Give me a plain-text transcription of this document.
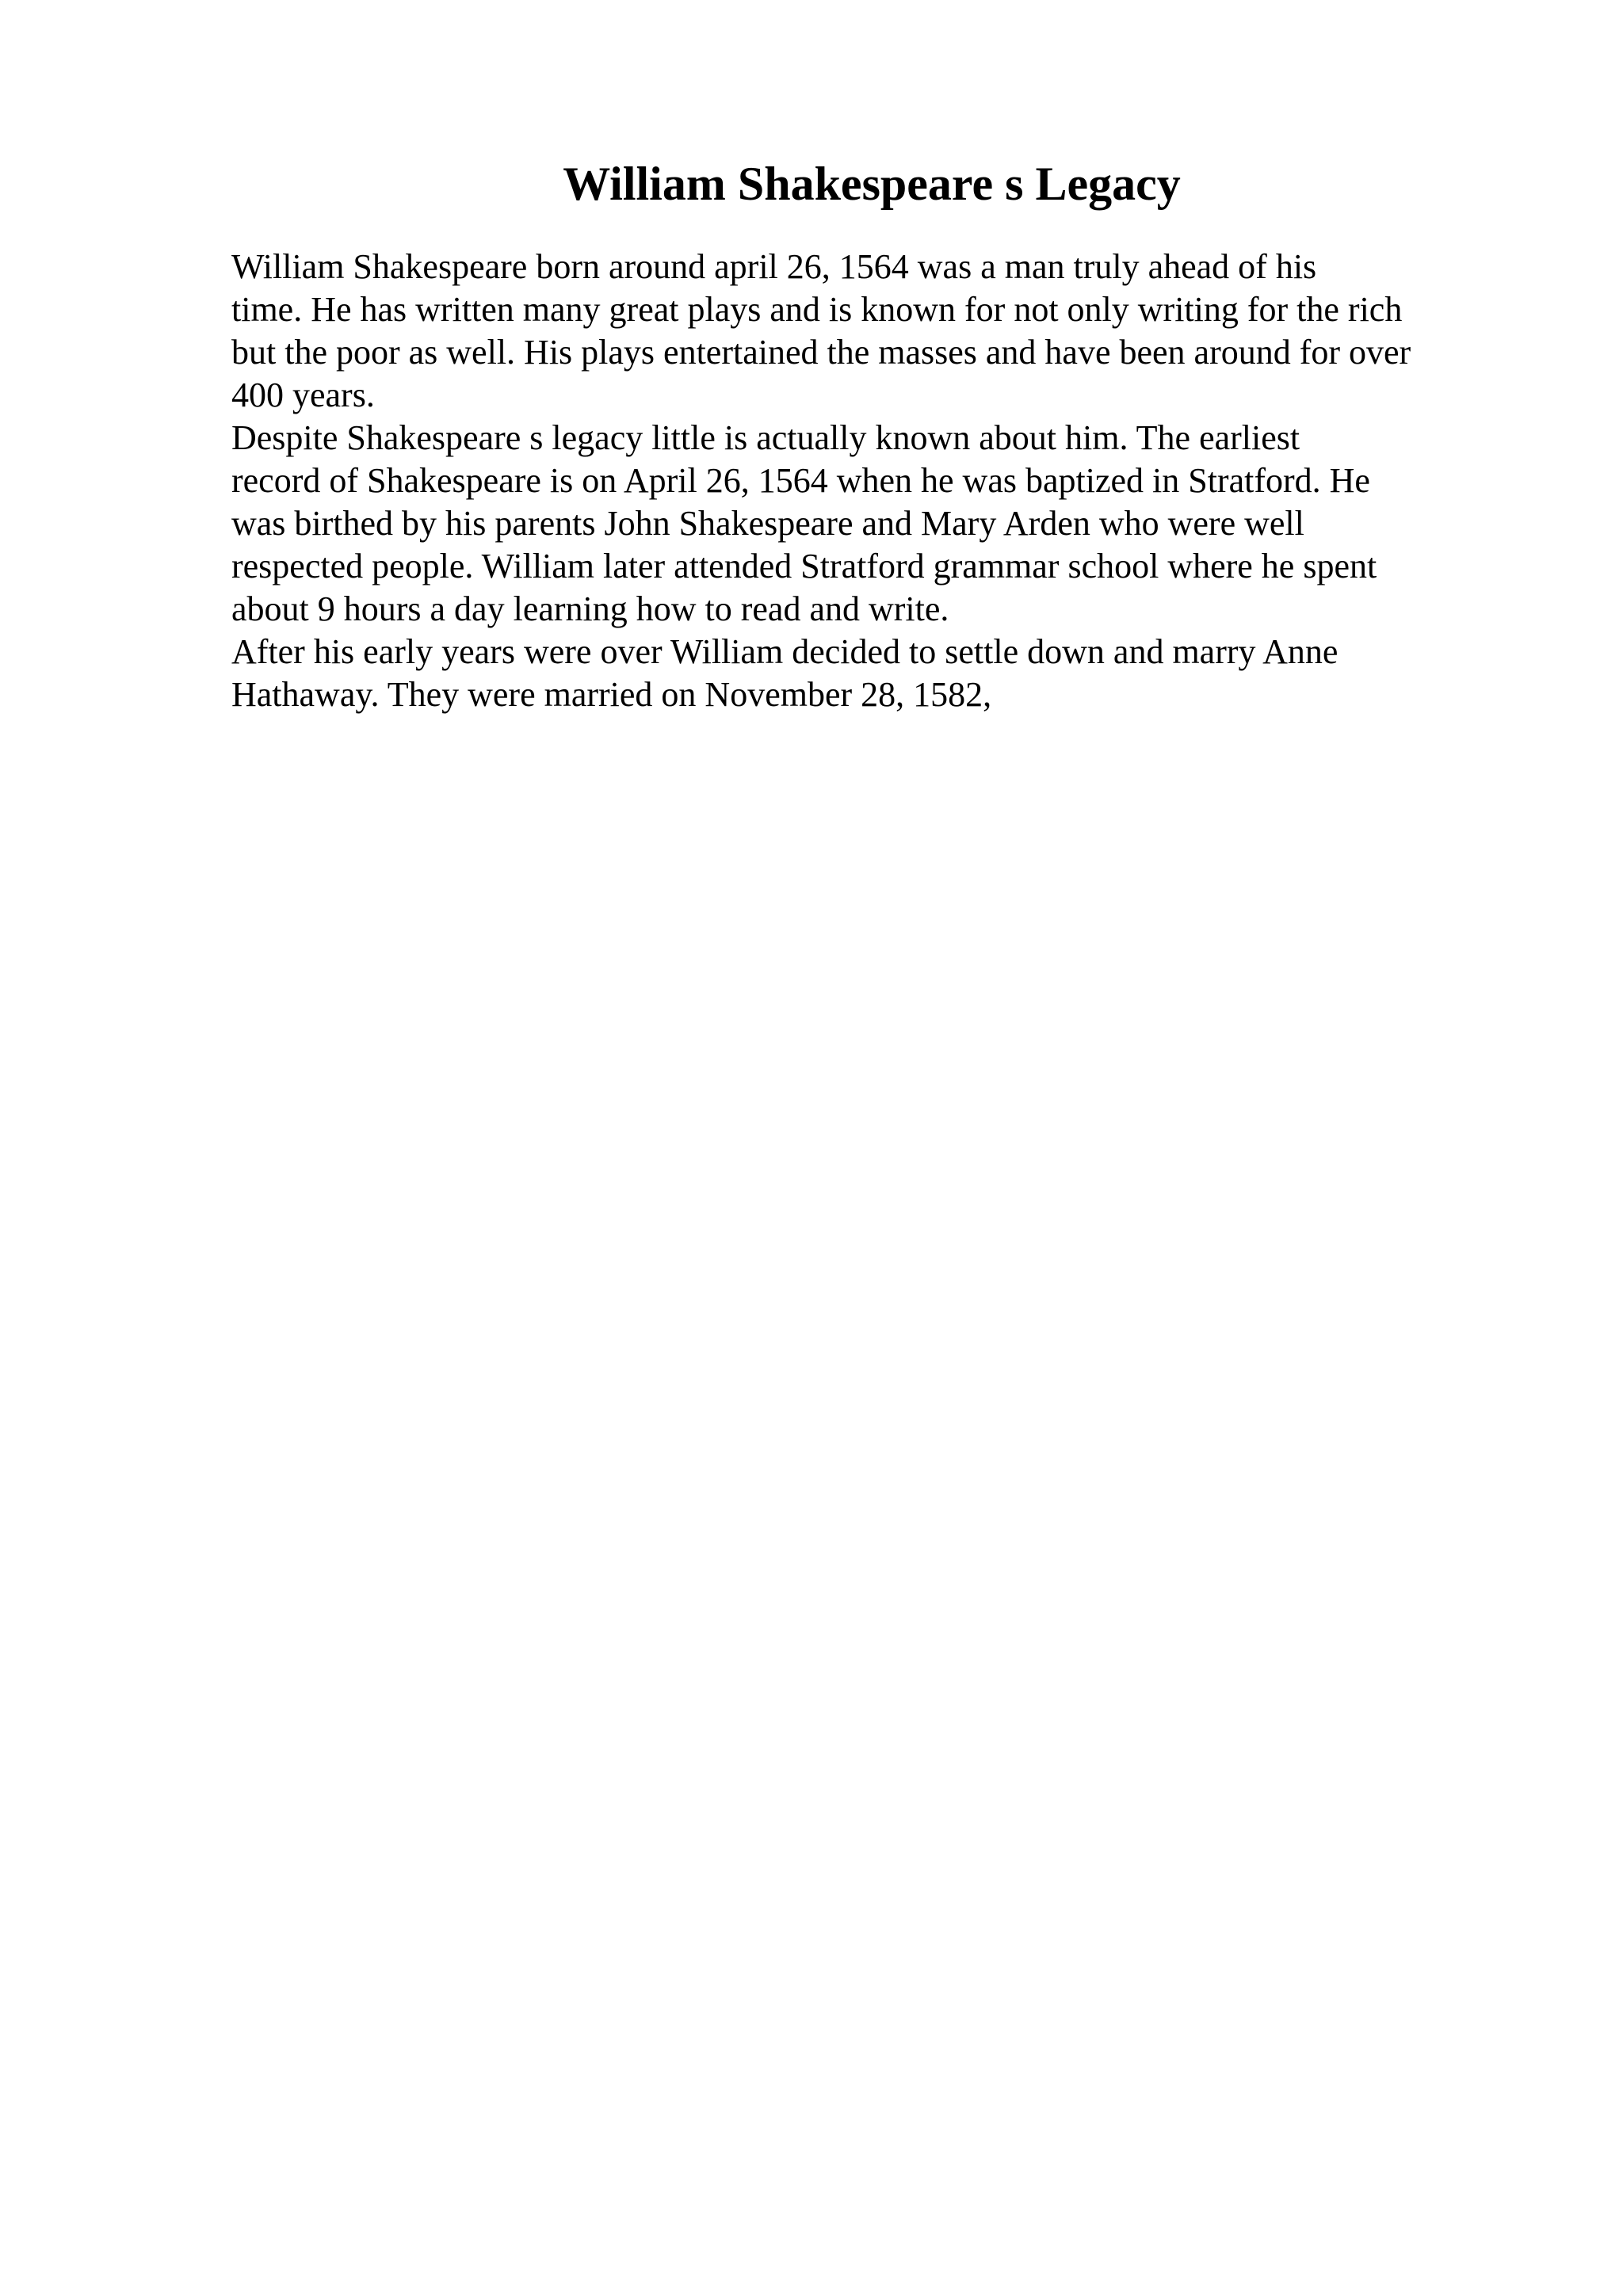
William Shakespeare s Legacy
William Shakespeare born around april 26, 1564 was a man truly ahead of his
time. He has written many great plays and is known for not only writing for the rich
but the poor as well. His plays entertained the masses and have been around for over
400 years.
Despite Shakespeare s legacy little is actually known about him. The earliest
record of Shakespeare is on April 26, 1564 when he was baptized in Stratford. He
was birthed by his parents John Shakespeare and Mary Arden who were well
respected people. William later attended Stratford grammar school where he spent
about 9 hours a day learning how to read and write.
After his early years were over William decided to settle down and marry Anne
Hathaway. They were married on November 28, 1582,
